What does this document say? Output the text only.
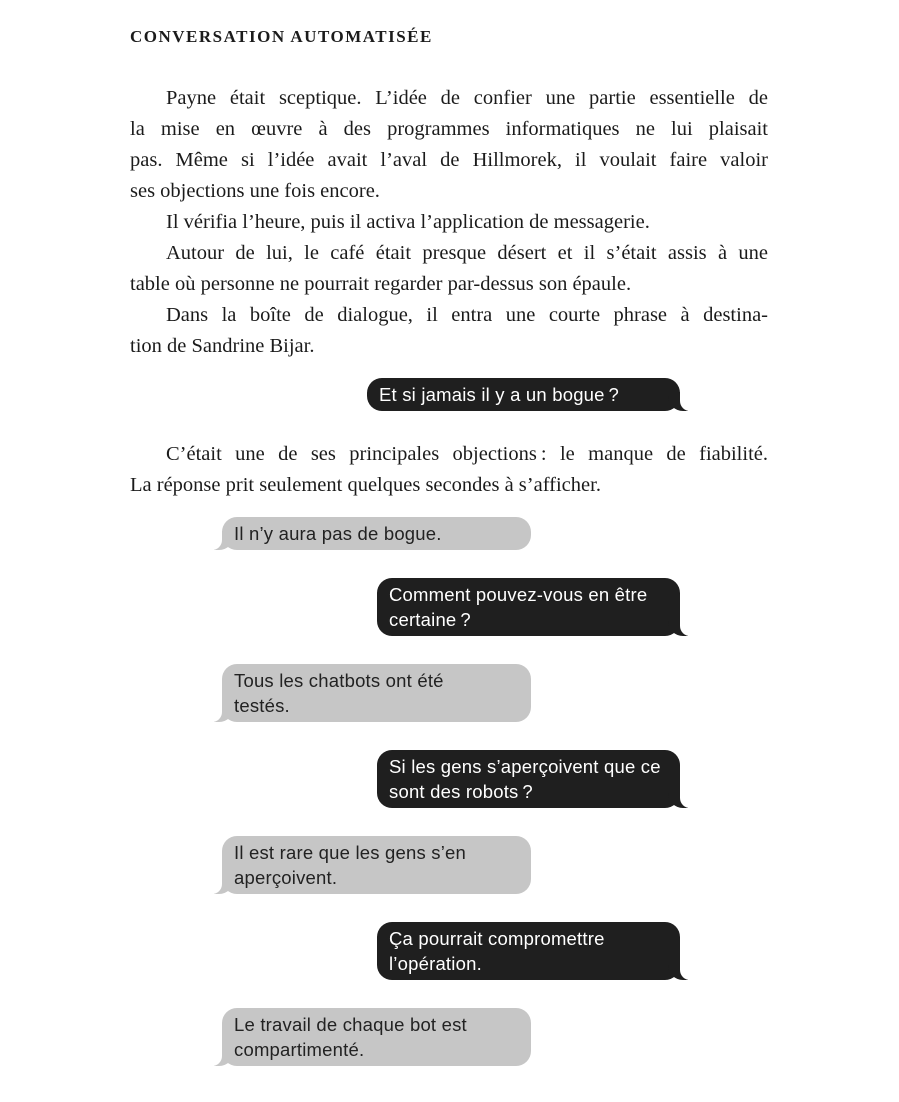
CONVERSATION AUTOMATISÉE
Payne était sceptique. L’idée de confier une partie essentielle de
la mise en œuvre à des programmes informatiques ne lui plaisait
pas. Même si l’idée avait l’aval de Hillmorek, il voulait faire valoir
ses objections une fois encore.
Il vérifia l’heure, puis il activa l’application de messagerie.
Autour de lui, le café était presque désert et il s’était assis à une
table où personne ne pourrait regarder par-dessus son épaule.
Dans la boîte de dialogue, il entra une courte phrase à destina-
tion de Sandrine Bijar.
Et si jamais il y a un bogue ?
C’était une de ses principales objections : le manque de fiabilité.
La réponse prit seulement quelques secondes à s’afficher.
Il n’y aura pas de bogue.
Comment pouvez-vous en être
certaine ?
Tous les chatbots ont été
testés.
Si les gens s’aperçoivent que ce
sont des robots ?
Il est rare que les gens s’en
aperçoivent.
Ça pourrait compromettre
l’opération.
Le travail de chaque bot est
compartimenté.
